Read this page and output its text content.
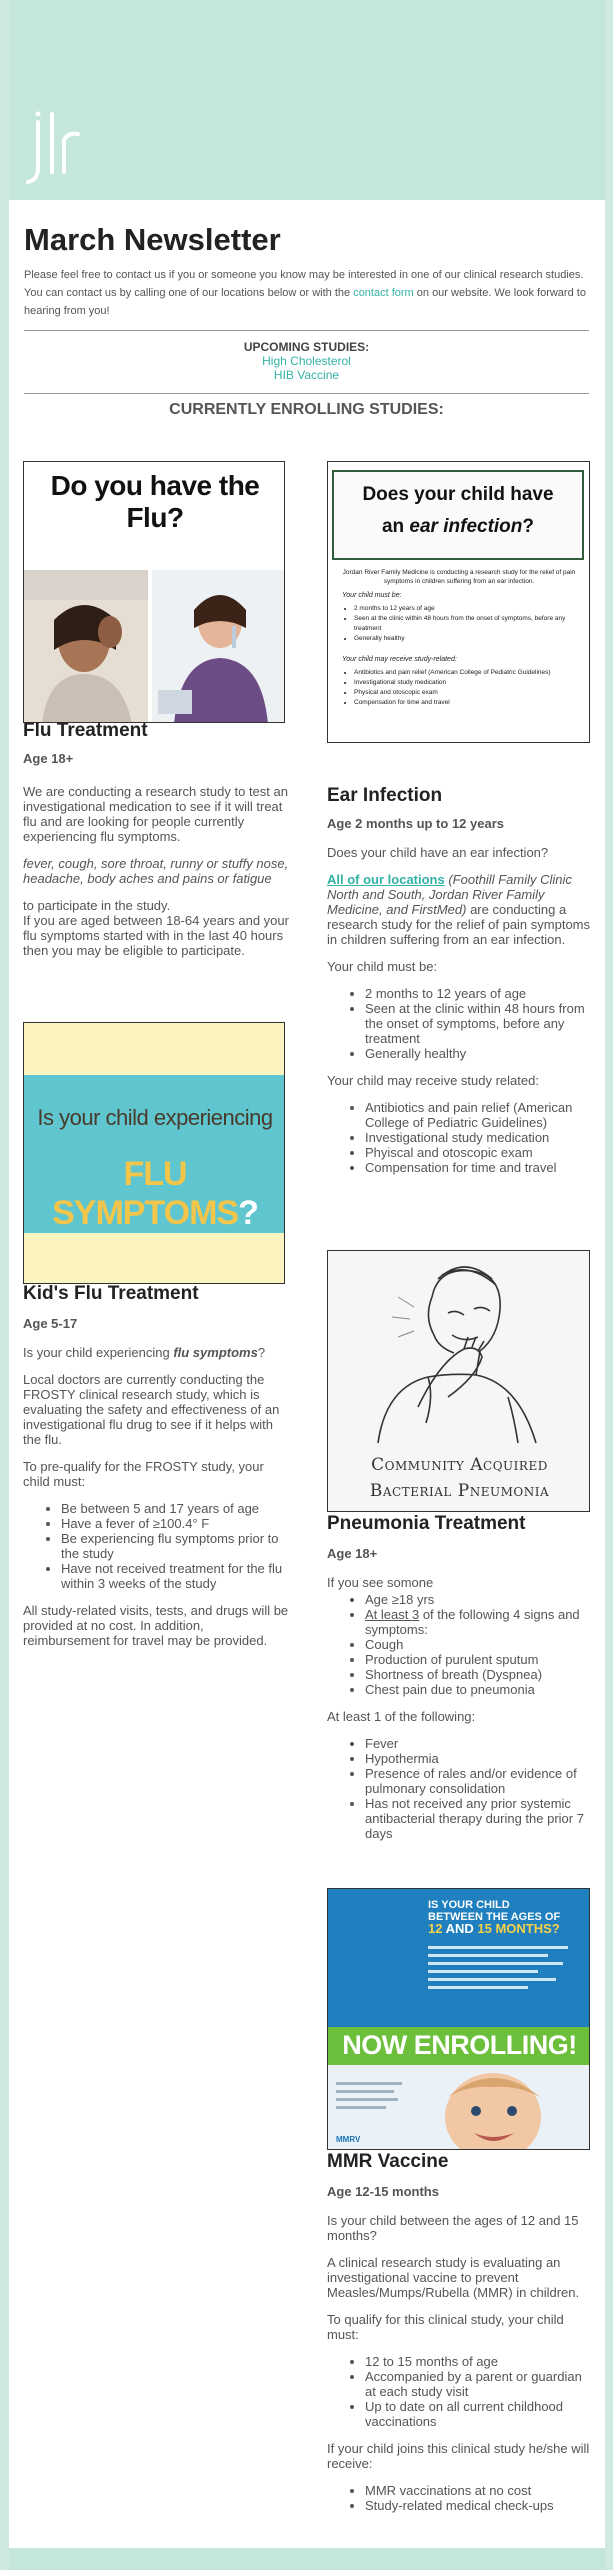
March Newsletter

Please feel free to contact us if you or someone you know may be interested in one of our clinical research studies. You can contact us by calling one of our locations below or with the contact form on our website. We look forward to hearing from you!

UPCOMING STUDIES:
High Cholesterol
HIB Vaccine
CURRENTLY ENROLLING STUDIES:
Do you have the Flu?
Flu Treatment
Age 18+

We are conducting a research study to test an investigational medication to see if it will treat flu and are looking for people currently experiencing flu symptoms.

fever, cough, sore throat, runny or stuffy nose, headache, body aches and pains or fatigue

to participate in the study.
If you are aged between 18-64 years and your flu symptoms started with in the last 40 hours then you may be eligible to participate.
Does your child have
an ear infection?
Jordan River Family Medicine is conducting a research study for the relief of pain symptoms in children suffering from an ear infection.
Your child must be:
• 2 months to 12 years of age
• Seen at the clinic within 48 hours from the onset of symptoms, before any treatment
• Generally healthy
Your child may receive study-related:
• Antibiotics and pain relief (American College of Pediatric Guidelines)
• Investigational study medication
• Physical and otoscopic exam
• Compensation for time and travel
Ear Infection
Age 2 months up to 12 years

Does your child have an ear infection?

All of our locations (Foothill Family Clinic North and South, Jordan River Family Medicine, and FirstMed) are conducting a research study for the relief of pain symptoms in children suffering from an ear infection.

Your child must be:

• 2 months to 12 years of age
• Seen at the clinic within 48 hours from the onset of symptoms, before any treatment
• Generally healthy

Your child may receive study related:

• Antibiotics and pain relief (American College of Pediatric Guidelines)
• Investigational study medication
• Phyiscal and otoscopic exam
• Compensation for time and travel
Is your child experiencing
FLU SYMPTOMS?
Kid's Flu Treatment
Age 5-17

Is your child experiencing flu symptoms?

Local doctors are currently conducting the FROSTY clinical research study, which is evaluating the safety and effectiveness of an investigational flu drug to see if it helps with the flu.

To pre-qualify for the FROSTY study, your child must:

• Be between 5 and 17 years of age
• Have a fever of ≥100.4° F
• Be experiencing flu symptoms prior to the study
• Have not received treatment for the flu within 3 weeks of the study

All study-related visits, tests, and drugs will be provided at no cost. In addition, reimbursement for travel may be provided.

Community Acquired
Bacterial Pneumonia
Pneumonia Treatment
Age 18+

If you see somone

• Age ≥18 yrs
• At least 3 of the following 4 signs and symptoms:
• Cough
• Production of purulent sputum
• Shortness of breath (Dyspnea)
• Chest pain due to pneumonia

At least 1 of the following:

• Fever
• Hypothermia
• Presence of rales and/or evidence of pulmonary consolidation
• Has not received any prior systemic antibacterial therapy during the prior 7 days
IS YOUR CHILD
BETWEEN THE AGES OF
12 AND 15 MONTHS?
NOW ENROLLING!
MMRV
MMR Vaccine
Age 12-15 months

Is your child between the ages of 12 and 15 months?

A clinical research study is evaluating an investigational vaccine to prevent Measles/Mumps/Rubella (MMR) in children.

To qualify for this clinical study, your child must:

• 12 to 15 months of age
• Accompanied by a parent or guardian at each study visit
• Up to date on all current childhood vaccinations

If your child joins this clinical study he/she will receive:

• MMR vaccinations at no cost
• Study-related medical check-ups
